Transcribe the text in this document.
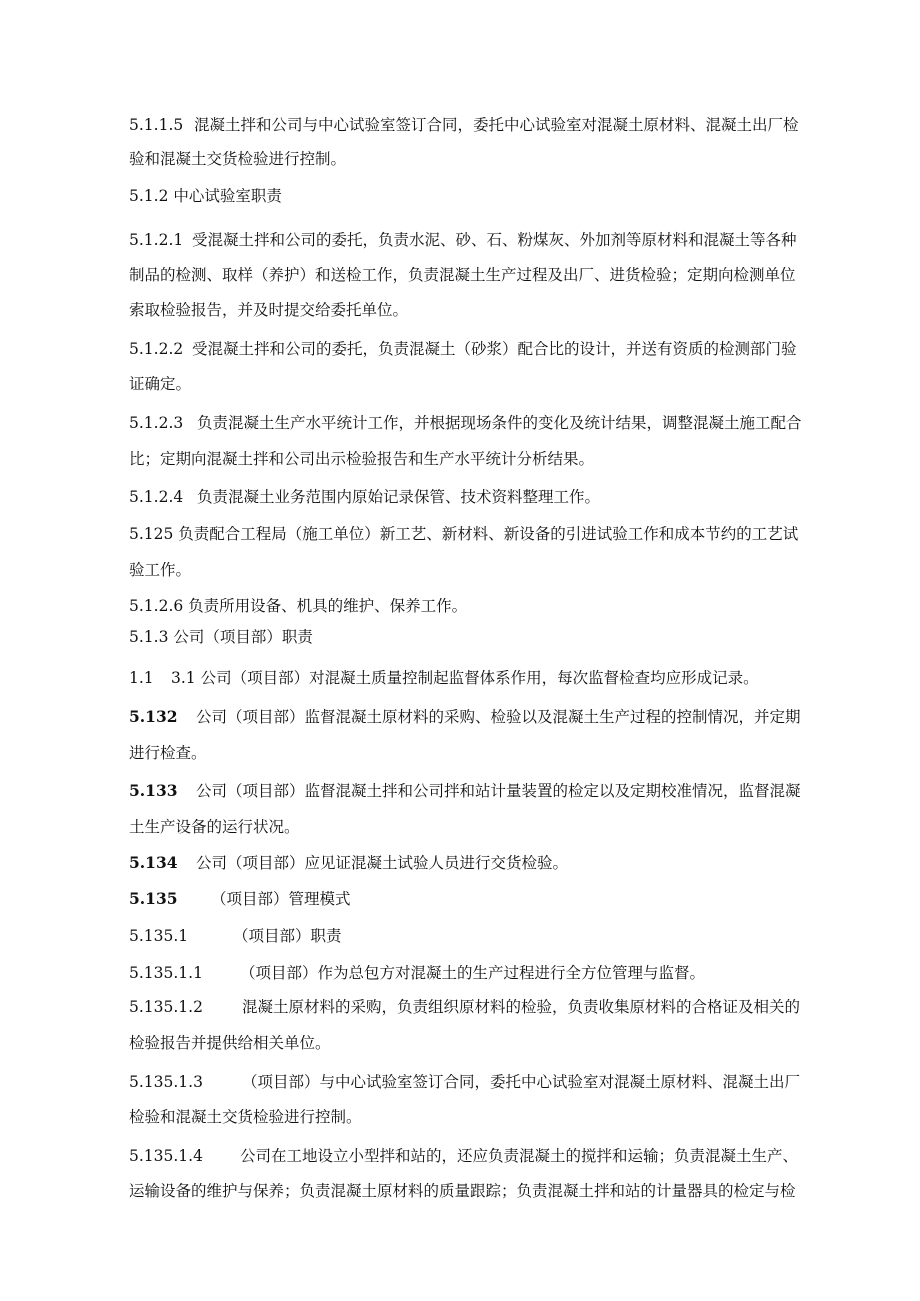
5.1.1.5 混凝土拌和公司与中心试验室签订合同，委托中心试验室对混凝土原材料、混凝土出厂检
验和混凝土交货检验进行控制。
5.1.2 中心试验室职责
5.1.2.1 受混凝土拌和公司的委托，负责水泥、砂、石、粉煤灰、外加剂等原材料和混凝土等各种
制品的检测、取样（养护）和送检工作，负责混凝土生产过程及出厂、进货检验；定期向检测单位
索取检验报告，并及时提交给委托单位。
5.1.2.2 受混凝土拌和公司的委托，负责混凝土（砂浆）配合比的设计，并送有资质的检测部门验
证确定。
5.1.2.3 负责混凝土生产水平统计工作，并根据现场条件的变化及统计结果，调整混凝土施工配合
比；定期向混凝土拌和公司出示检验报告和生产水平统计分析结果。
5.1.2.4 负责混凝土业务范围内原始记录保管、技术资料整理工作。
5.125 负责配合工程局（施工单位）新工艺、新材料、新设备的引进试验工作和成本节约的工艺试
验工作。
5.1.2.6 负责所用设备、机具的维护、保养工作。
5.1.3 公司（项目部）职责
1.1 3.1 公司（项目部）对混凝土质量控制起监督体系作用，每次监督检查均应形成记录。
5.132 公司（项目部）监督混凝土原材料的采购、检验以及混凝土生产过程的控制情况，并定期
进行检查。
5.133 公司（项目部）监督混凝土拌和公司拌和站计量装置的检定以及定期校准情况，监督混凝
土生产设备的运行状况。
5.134 公司（项目部）应见证混凝土试验人员进行交货检验。
5.135 （项目部）管理模式
5.135.1	（项目部）职责
5.135.1.1 （项目部）作为总包方对混凝土的生产过程进行全方位管理与监督。
5.135.1.2	混凝土原材料的采购，负责组织原材料的检验，负责收集原材料的合格证及相关的
检验报告并提供给相关单位。
5.135.1.3	（项目部）与中心试验室签订合同，委托中心试验室对混凝土原材料、混凝土出厂
检验和混凝土交货检验进行控制。
5.135.1.4 公司在工地设立小型拌和站的，还应负责混凝土的搅拌和运输；负责混凝土生产、
运输设备的维护与保养；负责混凝土原材料的质量跟踪；负责混凝土拌和站的计量器具的检定与检
